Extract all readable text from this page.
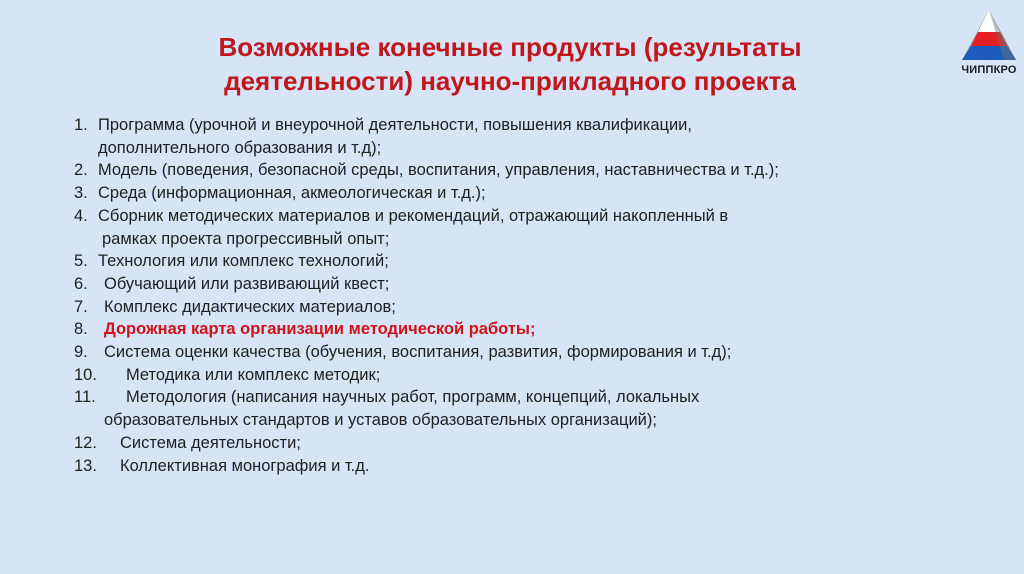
Возможные конечные продукты (результаты
деятельности) научно-прикладного проекта	ЧИППКРО
1. Программа (урочной и внеурочной деятельности, повышения квалификации,
дополнительного образования и т.д);
2. Модель (поведения, безопасной среды, воспитания, управления, наставничества и т.д.);
3. Среда (информационная, акмеологическая и т.д.);
4. Сборник методических материалов и рекомендаций, отражающий накопленный в
рамках проекта прогрессивный опыт;
5. Технология или комплекс технологий;
6. Обучающий или развивающий квест;
7. Комплекс дидактических материалов;
8. Дорожная карта организации методической работы;
9. Система оценки качества (обучения, воспитания, развития, формирования и т.д);
10. Методика или комплекс методик;
11. Методология (написания научных работ, программ, концепций, локальных
образовательных стандартов и уставов образовательных организаций);
12. Система деятельности;
13. Коллективная монография и т.д.
